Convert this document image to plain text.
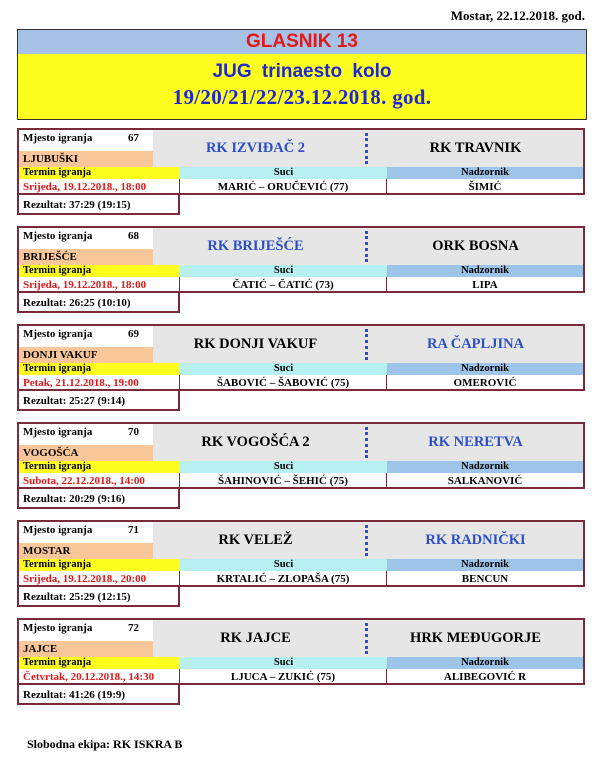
Mostar, 22.12.2018. god.
GLASNIK 13
JUG trinaesto kolo
19/20/21/22/23.12.2018. god.
Mjesto igranja	67
LJUBUŠKI
RK IZVIĐAČ 2	RK TRAVNIK
Termin igranja	Suci	Nadzornik
Srijeda, 19.12.2018., 18:00	MARIĆ – ORUČEVIĆ (77)	ŠIMIĆ
Rezultat: 37:29 (19:15)
Mjesto igranja	68
BRIJEŠĆE
RK BRIJEŠĆE	ORK BOSNA
Termin igranja	Suci	Nadzornik
Srijeda, 19.12.2018., 18:00	ČATIĆ – ČATIĆ (73)	LIPA
Rezultat: 26:25 (10:10)
Mjesto igranja	69
DONJI VAKUF
RK DONJI VAKUF	RA ČAPLJINA
Termin igranja	Suci	Nadzornik
Petak, 21.12.2018., 19:00	ŠABOVIĆ – ŠABOVIĆ (75)	OMEROVIĆ
Rezultat: 25:27 (9:14)
Mjesto igranja	70
VOGOŠĆA
RK VOGOŠĆA 2	RK NERETVA
Termin igranja	Suci	Nadzornik
Subota, 22.12.2018., 14:00	ŠAHINOVIĆ – ŠEHIĆ (75)	SALKANOVIĆ
Rezultat: 20:29 (9:16)
Mjesto igranja	71
MOSTAR
RK VELEŽ	RK RADNIČKI
Termin igranja	Suci	Nadzornik
Srijeda, 19.12.2018., 20:00	KRTALIĆ – ZLOPAŠA (75)	BENCUN
Rezultat: 25:29 (12:15)
Mjesto igranja	72
JAJCE
RK JAJCE	HRK MEĐUGORJE
Termin igranja	Suci	Nadzornik
Četvrtak, 20.12.2018., 14:30	LJUCA – ZUKIĆ (75)	ALIBEGOVIĆ R
Rezultat: 41:26 (19:9)
Slobodna ekipa: RK ISKRA B
